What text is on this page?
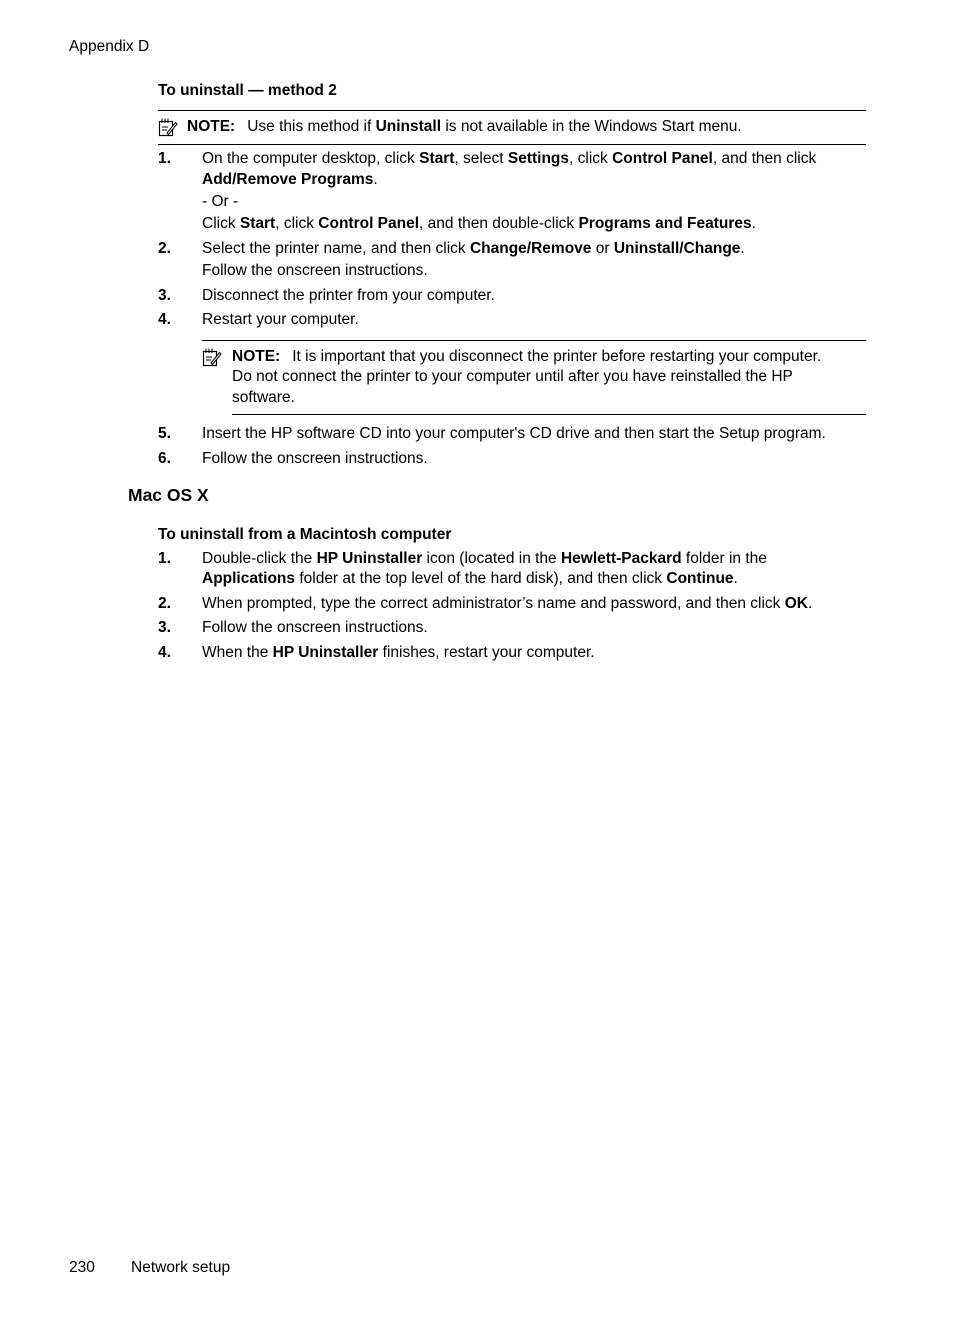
Appendix D
To uninstall — method 2
NOTE: Use this method if Uninstall is not available in the Windows Start menu.
1. On the computer desktop, click Start, select Settings, click Control Panel, and then click
Add/Remove Programs.
- Or -
Click Start, click Control Panel, and then double-click Programs and Features.
2. Select the printer name, and then click Change/Remove or Uninstall/Change.
Follow the onscreen instructions.
3. Disconnect the printer from your computer.
4. Restart your computer.
NOTE: It is important that you disconnect the printer before restarting your computer.
Do not connect the printer to your computer until after you have reinstalled the HP
software.
5. Insert the HP software CD into your computer's CD drive and then start the Setup program.
6. Follow the onscreen instructions.
Mac OS X
To uninstall from a Macintosh computer
1. Double-click the HP Uninstaller icon (located in the Hewlett-Packard folder in the
Applications folder at the top level of the hard disk), and then click Continue.
2. When prompted, type the correct administrator’s name and password, and then click OK.
3. Follow the onscreen instructions.
4. When the HP Uninstaller finishes, restart your computer.
230 Network setup
